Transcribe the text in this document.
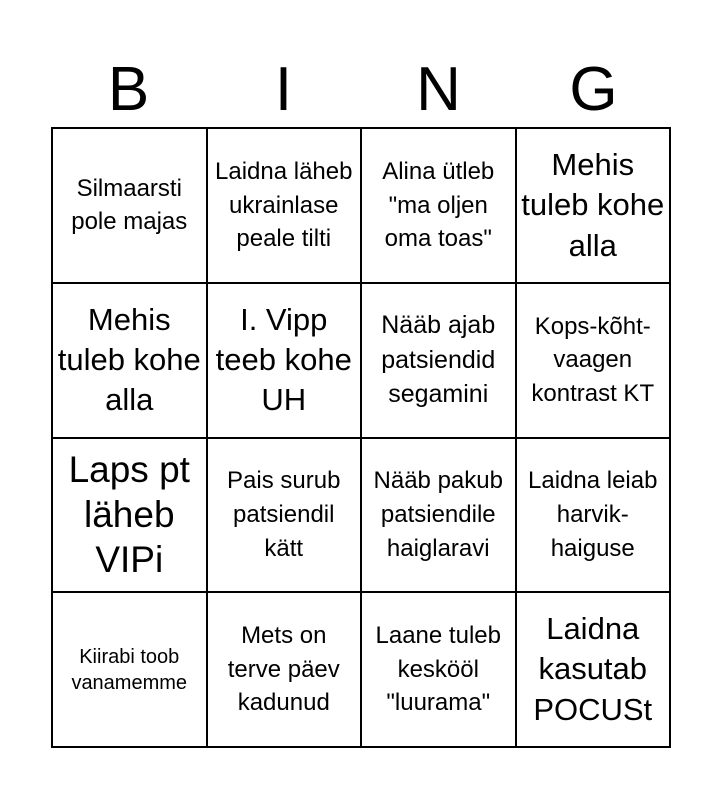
B	I	N	G
Silmaarsti pole majas
Laidna läheb ukrainlase peale tilti
Alina ütleb "ma oljen oma toas"
Mehis tuleb kohe alla
Mehis tuleb kohe alla
I. Vipp teeb kohe UH
Nääb ajab patsiendid segamini
Kops-kõht-vaagen kontrast KT
Laps pt läheb VIPi
Pais surub patsiendil kätt
Nääb pakub patsiendile haiglaravi
Laidna leiab harvik-haiguse
Kiirabi toob vanamemme
Mets on terve päev kadunud
Laane tuleb keskööl "luurama"
Laidna kasutab POCUSt
